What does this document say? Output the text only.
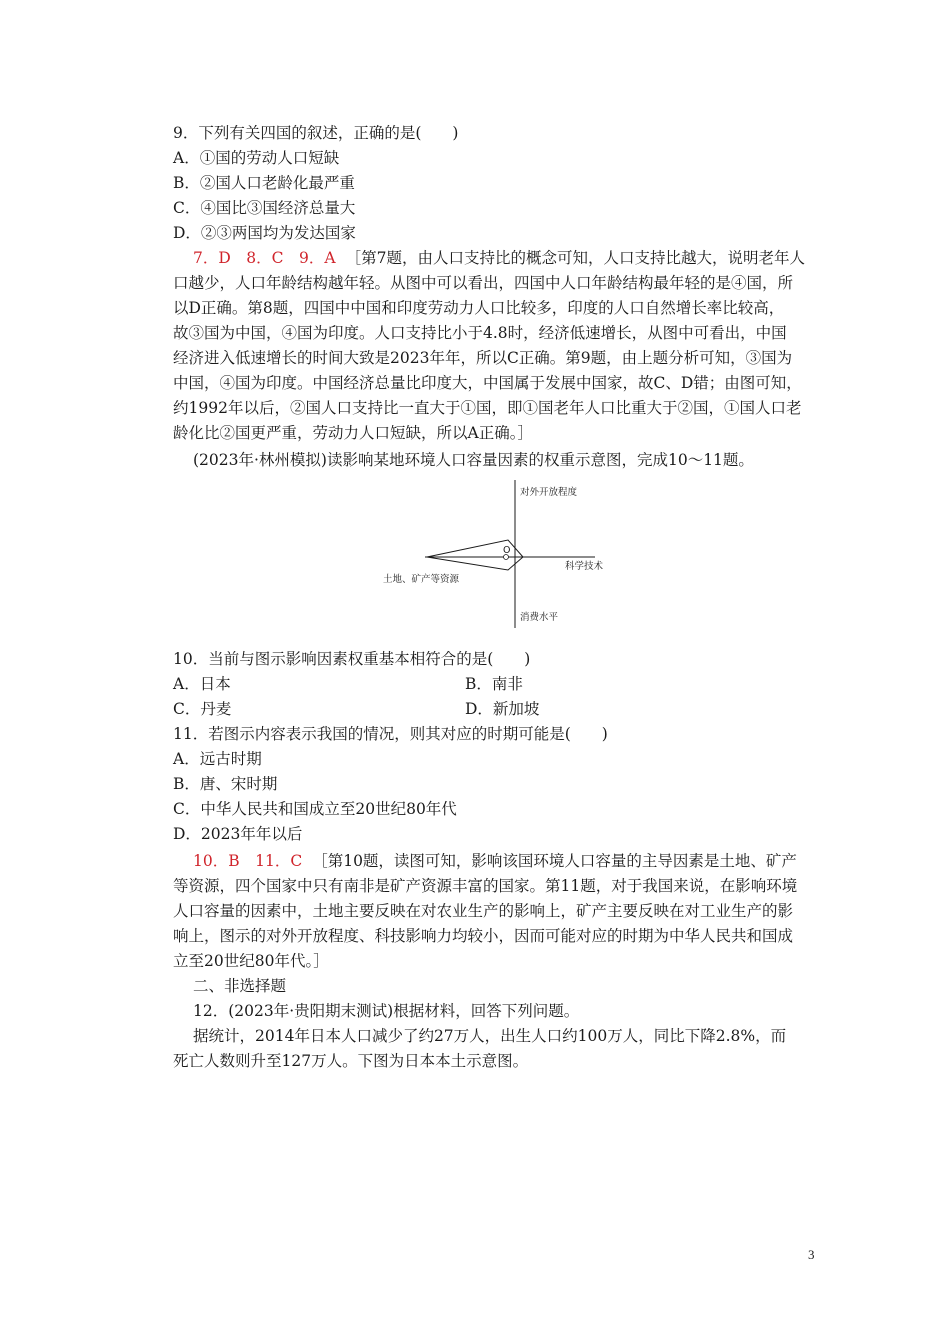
9．下列有关四国的叙述，正确的是(　　)
A．①国的劳动人口短缺
B．②国人口老龄化最严重
C．④国比③国经济总量大
D．②③两国均为发达国家
7．D　8．C　9．A ［第7题，由人口支持比的概念可知，人口支持比越大，说明老年人
口越少，人口年龄结构越年轻。从图中可以看出，四国中人口年龄结构最年轻的是④国，所
以D正确。第8题，四国中中国和印度劳动力人口比较多，印度的人口自然增长率比较高，
故③国为中国，④国为印度。人口支持比小于4.8时，经济低速增长，从图中可看出，中国
经济进入低速增长的时间大致是2023年年，所以C正确。第9题，由上题分析可知，③国为
中国，④国为印度。中国经济总量比印度大，中国属于发展中国家，故C、D错；由图可知，
约1992年以后，②国人口支持比一直大于①国，即①国老年人口比重大于②国，①国人口老
龄化比②国更严重，劳动力人口短缺，所以A正确。］
(2023年·林州模拟)读影响某地环境人口容量因素的权重示意图，完成10～11题。
O
对外开放程度
科学技术
土地、矿产等资源
消费水平
10．当前与图示影响因素权重基本相符合的是(　　)
A．日本	B．南非
C．丹麦	D．新加坡
11．若图示内容表示我国的情况，则其对应的时期可能是(　　)
A．远古时期
B．唐、宋时期
C．中华人民共和国成立至20世纪80年代
D．2023年年以后
10．B　11．C ［第10题，读图可知，影响该国环境人口容量的主导因素是土地、矿产
等资源，四个国家中只有南非是矿产资源丰富的国家。第11题，对于我国来说，在影响环境
人口容量的因素中，土地主要反映在对农业生产的影响上，矿产主要反映在对工业生产的影
响上，图示的对外开放程度、科技影响力均较小，因而可能对应的时期为中华人民共和国成
立至20世纪80年代。］
二、非选择题
12．(2023年·贵阳期末测试)根据材料，回答下列问题。
据统计，2014年日本人口减少了约27万人，出生人口约100万人，同比下降2.8%，而
死亡人数则升至127万人。下图为日本本土示意图。
3
